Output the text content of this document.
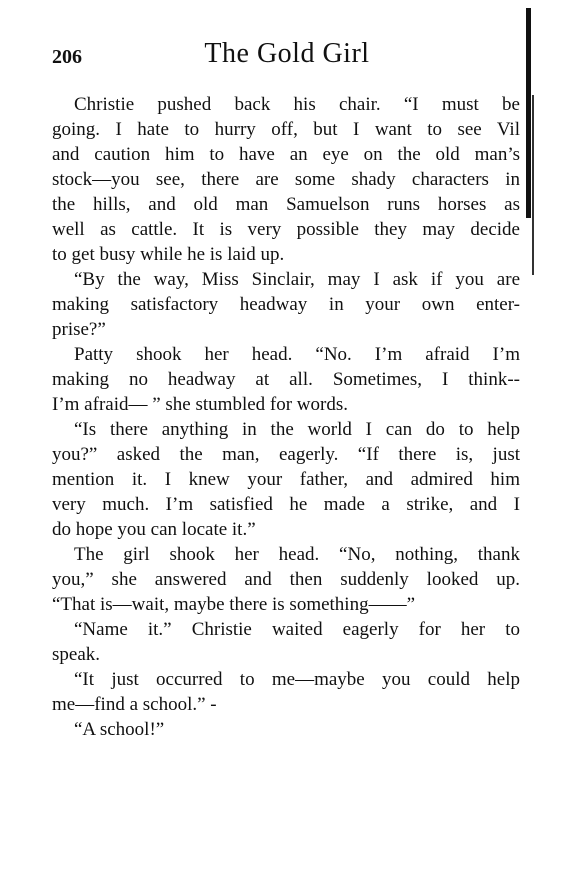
206	The Gold Girl

Christie pushed back his chair. “I must be
going. I hate to hurry off, but I want to see Vil
and caution him to have an eye on the old man’s
stock—you see, there are some shady characters in
the hills, and old man Samuelson runs horses as
well as cattle. It is very possible they may decide
to get busy while he is laid up.

“By the way, Miss Sinclair, may I ask if you are
making satisfactory headway in your own enter-
prise?”

Patty shook her head. “No. I’m afraid I’m
making no headway at all. Sometimes, I think--
I’m afraid— ” she stumbled for words.

“Is there anything in the world I can do to help
you?” asked the man, eagerly. “If there is, just
mention it. I knew your father, and admired him
very much. I’m satisfied he made a strike, and I
do hope you can locate it.”

The girl shook her head. “No, nothing, thank
you,” she answered and then suddenly looked up.
“That is—wait, maybe there is something——”

“Name it.” Christie waited eagerly for her to
speak.

“It just occurred to me—maybe you could help
me—find a school.” -

“A school!”
